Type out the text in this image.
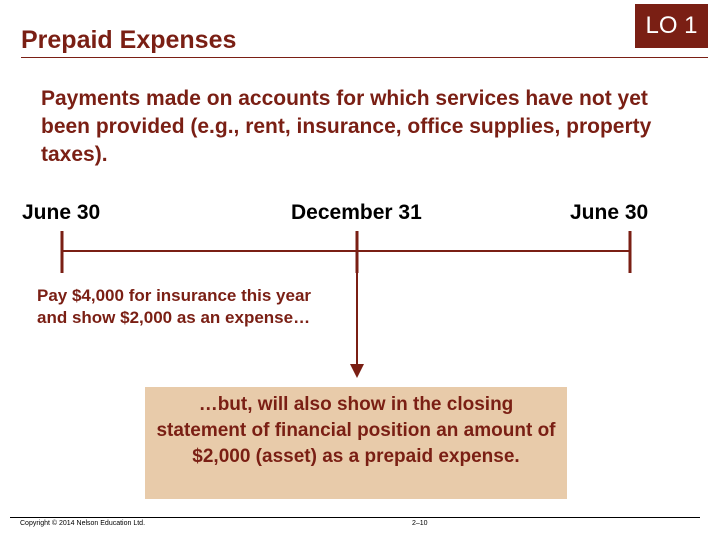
Prepaid Expenses
LO 1

Payments made on accounts for which services have not yet been provided (e.g., rent, insurance, office supplies, property taxes).

June 30	December 31	June 30

Pay $4,000 for insurance this year and show $2,000 as an expense…

…but, will also show in the closing statement of financial position an amount of $2,000 (asset) as a prepaid expense.
Copyright © 2014 Nelson Education Ltd.	2–10
